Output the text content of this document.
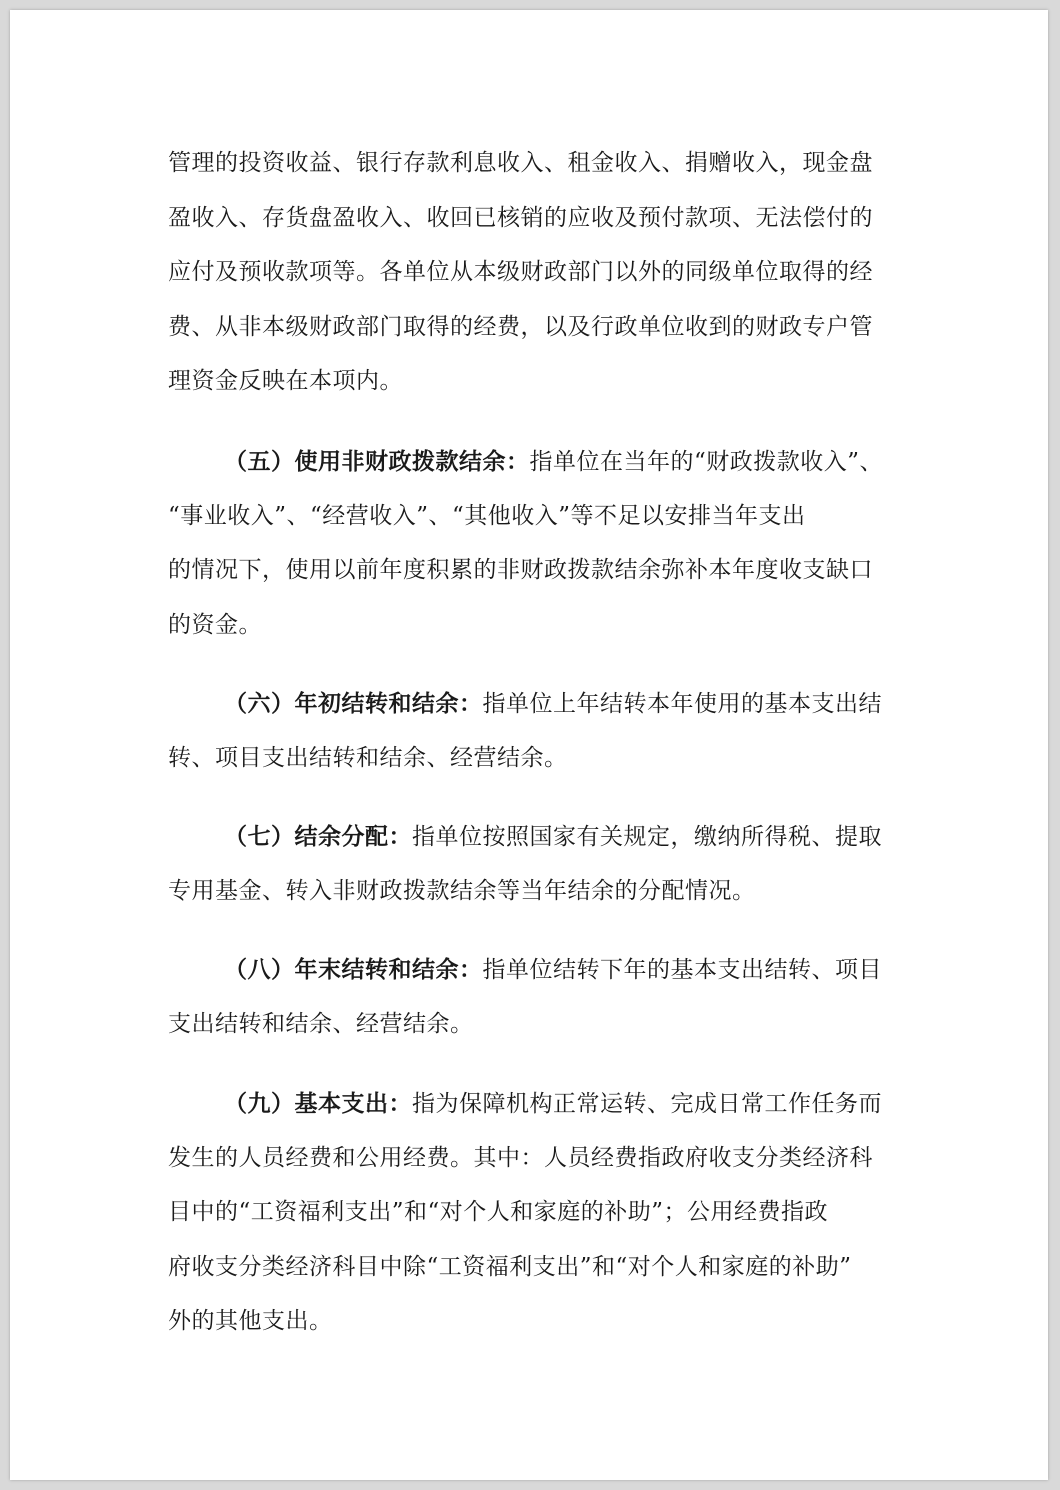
管理的投资收益、银行存款利息收入、租金收入、捐赠收入，现金盘
盈收入、存货盘盈收入、收回已核销的应收及预付款项、无法偿付的
应付及预收款项等。各单位从本级财政部门以外的同级单位取得的经
费、从非本级财政部门取得的经费，以及行政单位收到的财政专户管
理资金反映在本项内。
（五）使用非财政拨款结余：指单位在当年的“财政拨款收入”、
“事业收入”、“经营收入”、“其他收入”等不足以安排当年支出
的情况下，使用以前年度积累的非财政拨款结余弥补本年度收支缺口
的资金。
（六）年初结转和结余：指单位上年结转本年使用的基本支出结
转、项目支出结转和结余、经营结余。
（七）结余分配：指单位按照国家有关规定，缴纳所得税、提取
专用基金、转入非财政拨款结余等当年结余的分配情况。
（八）年末结转和结余：指单位结转下年的基本支出结转、项目
支出结转和结余、经营结余。
（九）基本支出：指为保障机构正常运转、完成日常工作任务而
发生的人员经费和公用经费。其中：人员经费指政府收支分类经济科
目中的“工资福利支出”和“对个人和家庭的补助”；公用经费指政
府收支分类经济科目中除“工资福利支出”和“对个人和家庭的补助”
外的其他支出。
